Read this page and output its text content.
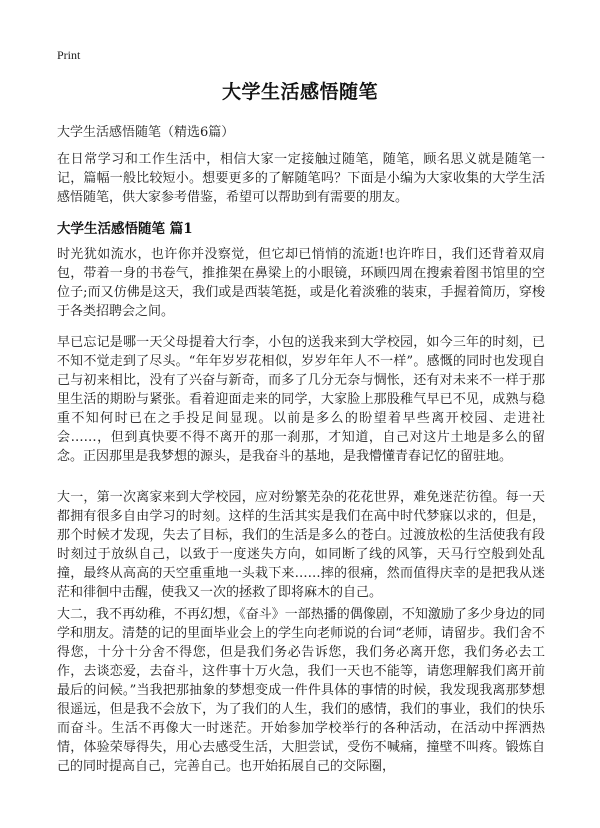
Print
大学生活感悟随笔
大学生活感悟随笔（精选6篇）

在日常学习和工作生活中，相信大家一定接触过随笔，随笔，顾名思义就是随笔一记，篇幅一般比较短小。想要更多的了解随笔吗？下面是小编为大家收集的大学生活感悟随笔，供大家参考借鉴，希望可以帮助到有需要的朋友。

大学生活感悟随笔 篇1

时光犹如流水，也许你并没察觉，但它却已悄悄的流逝!也许昨日，我们还背着双肩包，带着一身的书卷气，推推架在鼻梁上的小眼镜，环顾四周在搜索着图书馆里的空位子;而又仿佛是这天，我们或是西装笔挺，或是化着淡雅的装束，手握着简历，穿梭于各类招聘会之间。

早已忘记是哪一天父母提着大行李，小包的送我来到大学校园，如今三年的时刻，已不知不觉走到了尽头。“年年岁岁花相似，岁岁年年人不一样”。感慨的同时也发现自己与初来相比，没有了兴奋与新奇，而多了几分无奈与惆怅，还有对未来不一样于那里生活的期盼与紧张。看着迎面走来的同学，大家脸上那股稚气早已不见，成熟与稳重不知何时已在之手投足间显现。以前是多么的盼望着早些离开校园、走进社会……，但到真快要不得不离开的那一刹那，才知道，自己对这片土地是多么的留念。正因那里是我梦想的源头，是我奋斗的基地，是我懵懂青春记忆的留驻地。

大一，第一次离家来到大学校园，应对纷繁芜杂的花花世界，难免迷茫彷徨。每一天都拥有很多自由学习的时刻。这样的生活其实是我们在高中时代梦寐以求的，但是，那个时候才发现，失去了目标，我们的生活是多么的苍白。过渡放松的生活使我有段时刻过于放纵自己，以致于一度迷失方向，如同断了线的风筝，天马行空般到处乱撞，最终从高高的天空重重地一头栽下来……摔的很痛，然而值得庆幸的是把我从迷茫和徘徊中击醒，使我又一次的拯救了即将麻木的自己。

大二，我不再幼稚，不再幻想，《奋斗》一部热播的偶像剧，不知激励了多少身边的同学和朋友。清楚的记的里面毕业会上的学生向老师说的台词“老师，请留步。我们舍不得您，十分十分舍不得您，但是我们务必告诉您，我们务必离开您，我们务必去工作，去谈恋爱，去奋斗，这件事十万火急，我们一天也不能等，请您理解我们离开前最后的问候。”当我把那抽象的梦想变成一件件具体的事情的时候，我发现我离那梦想很遥远，但是我不会放下，为了我们的人生，我们的感情，我们的事业，我们的快乐而奋斗。生活不再像大一时迷茫。开始参加学校举行的各种活动，在活动中挥洒热情，体验荣辱得失，用心去感受生活，大胆尝试，受伤不喊痛，撞壁不叫疼。锻炼自己的同时提高自己，完善自己。也开始拓展自己的交际圈，
